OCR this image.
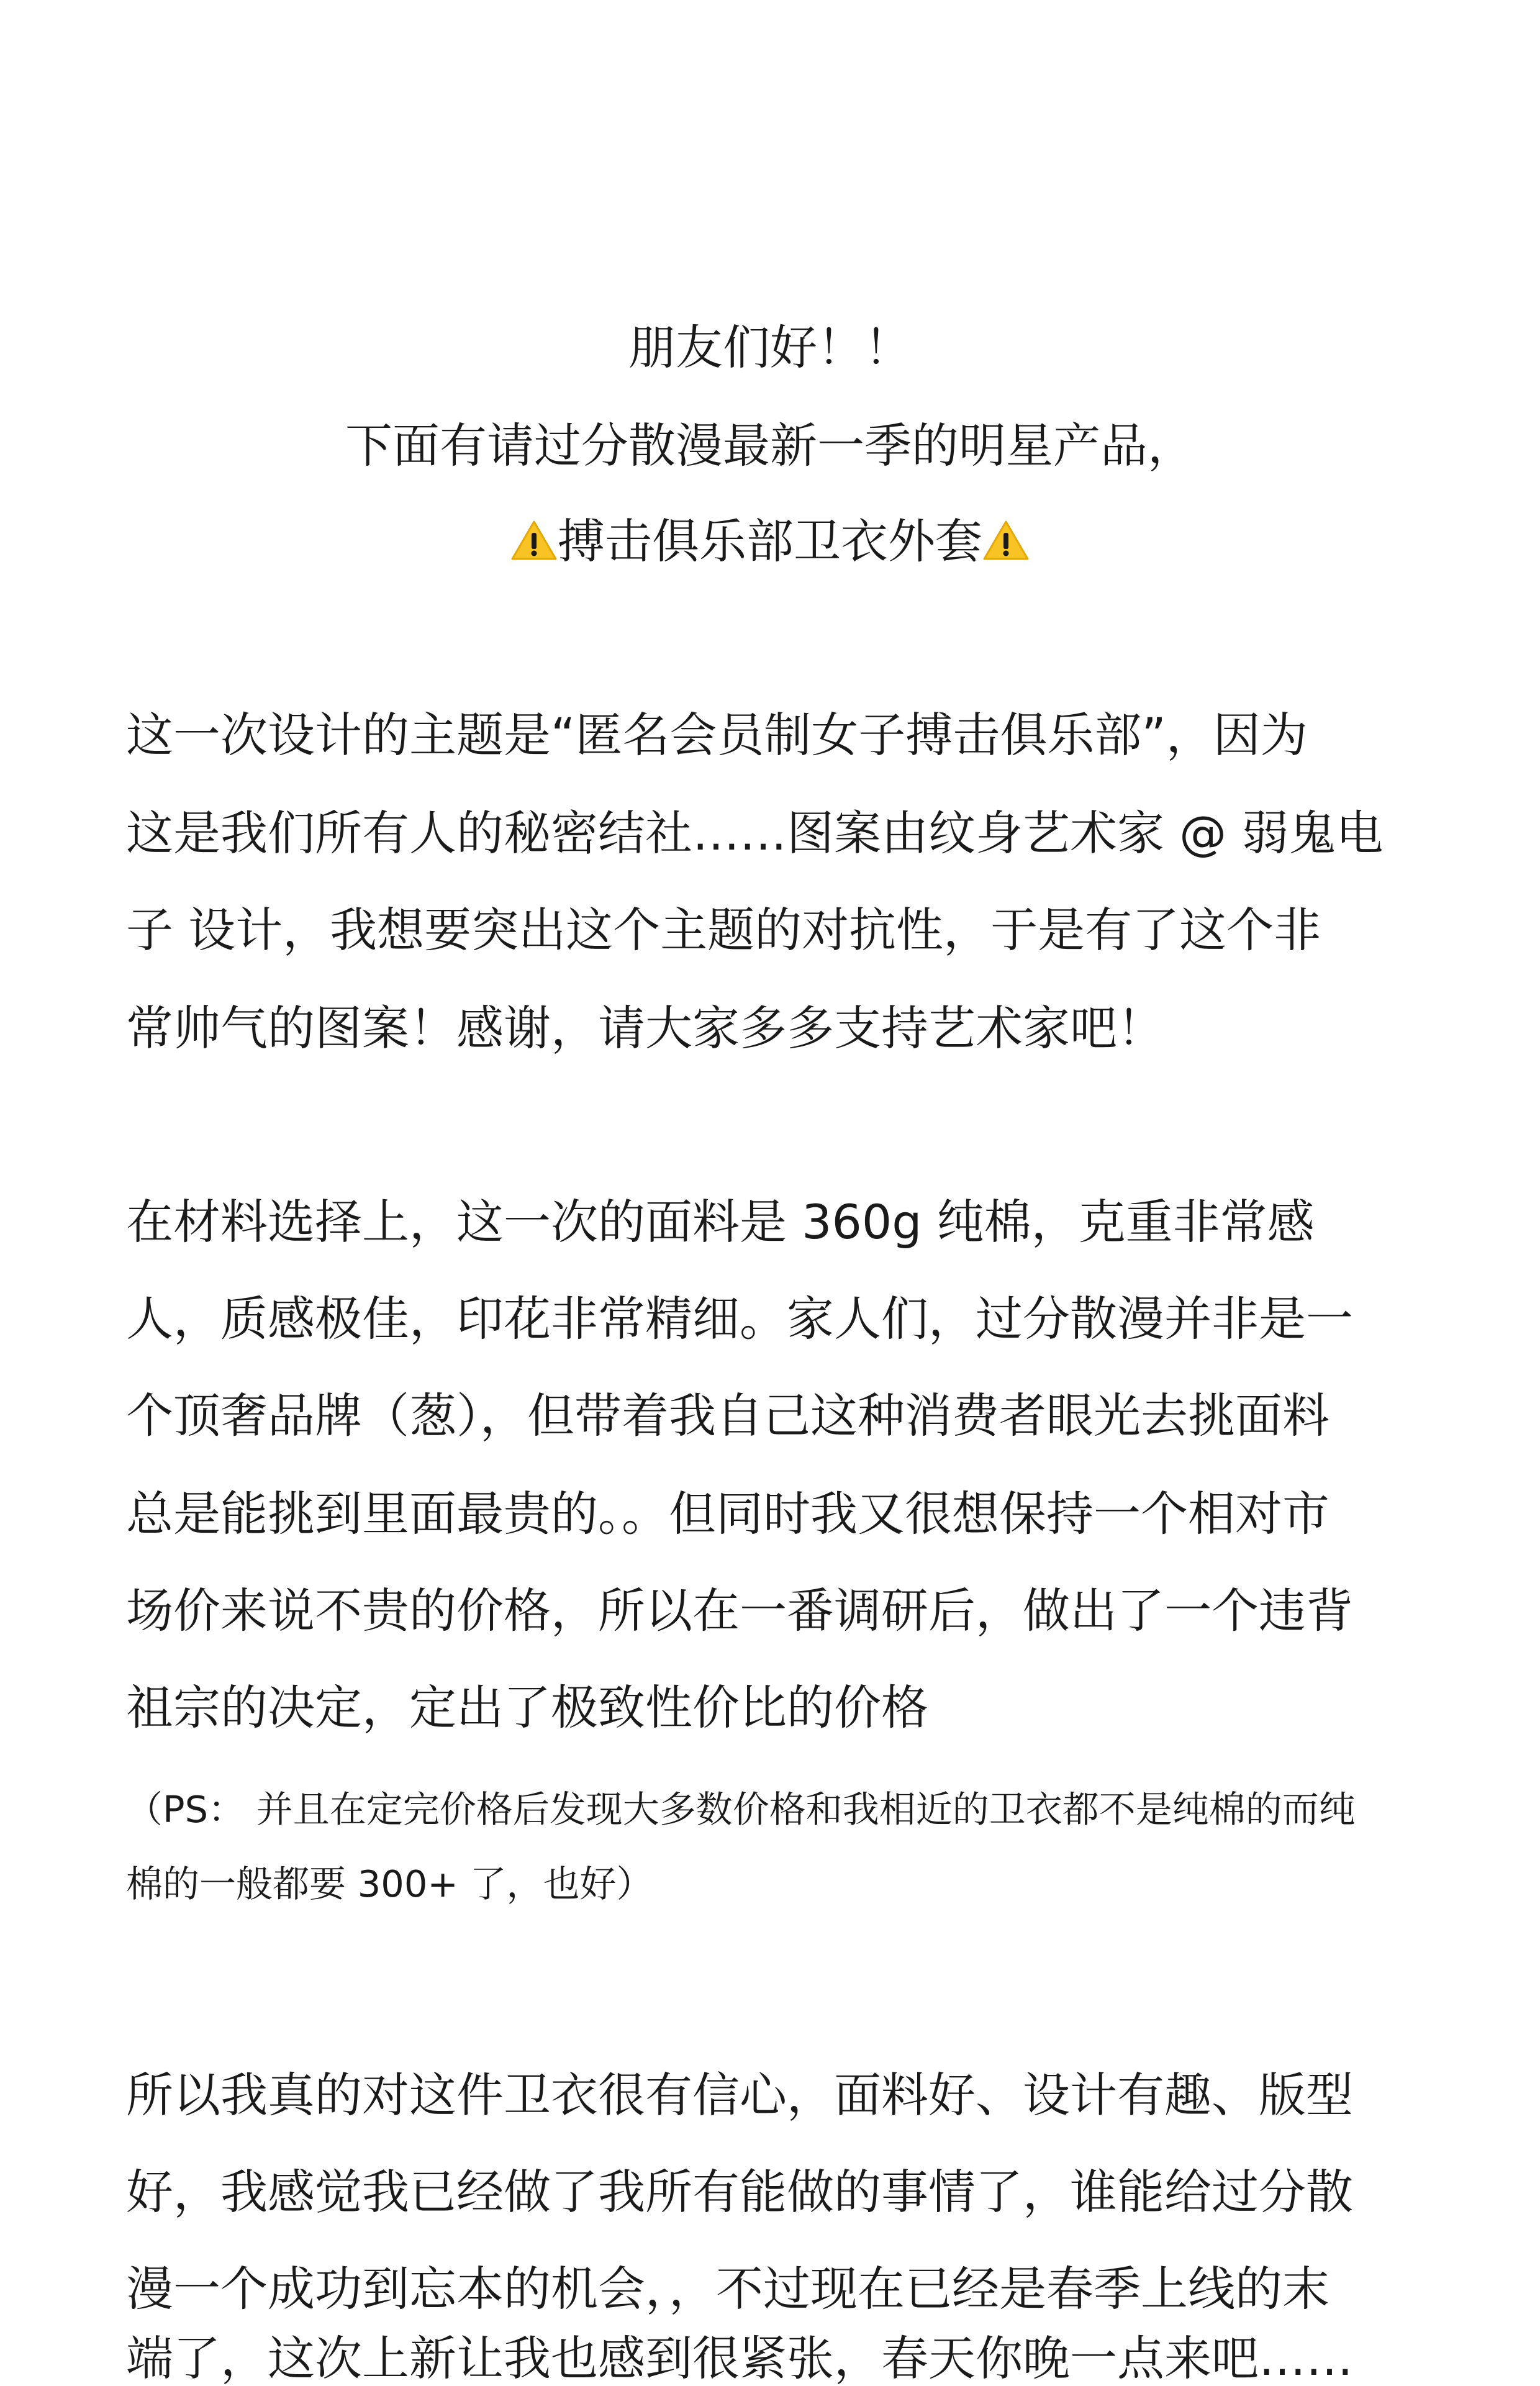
朋友们好！！
下面有请过分散漫最新一季的明星产品，
搏击俱乐部卫衣外套
这一次设计的主题是“匿名会员制女子搏击俱乐部”，因为
这是我们所有人的秘密结社……图案由纹身艺术家 @ 弱鬼电
子 设计，我想要突出这个主题的对抗性，于是有了这个非
常帅气的图案！感谢，请大家多多支持艺术家吧！
在材料选择上，这一次的面料是 360g 纯棉，克重非常感
人，质感极佳，印花非常精细。家人们，过分散漫并非是一
个顶奢品牌（葱），但带着我自己这种消费者眼光去挑面料
总是能挑到里面最贵的。。但同时我又很想保持一个相对市
场价来说不贵的价格，所以在一番调研后，做出了一个违背
祖宗的决定，定出了极致性价比的价格
（PS： 并且在定完价格后发现大多数价格和我相近的卫衣都不是纯棉的而纯
棉的一般都要 300+ 了，也好）
所以我真的对这件卫衣很有信心，面料好、设计有趣、版型
好，我感觉我已经做了我所有能做的事情了，谁能给过分散
漫一个成功到忘本的机会，，不过现在已经是春季上线的末
端了，这次上新让我也感到很紧张，春天你晚一点来吧……
